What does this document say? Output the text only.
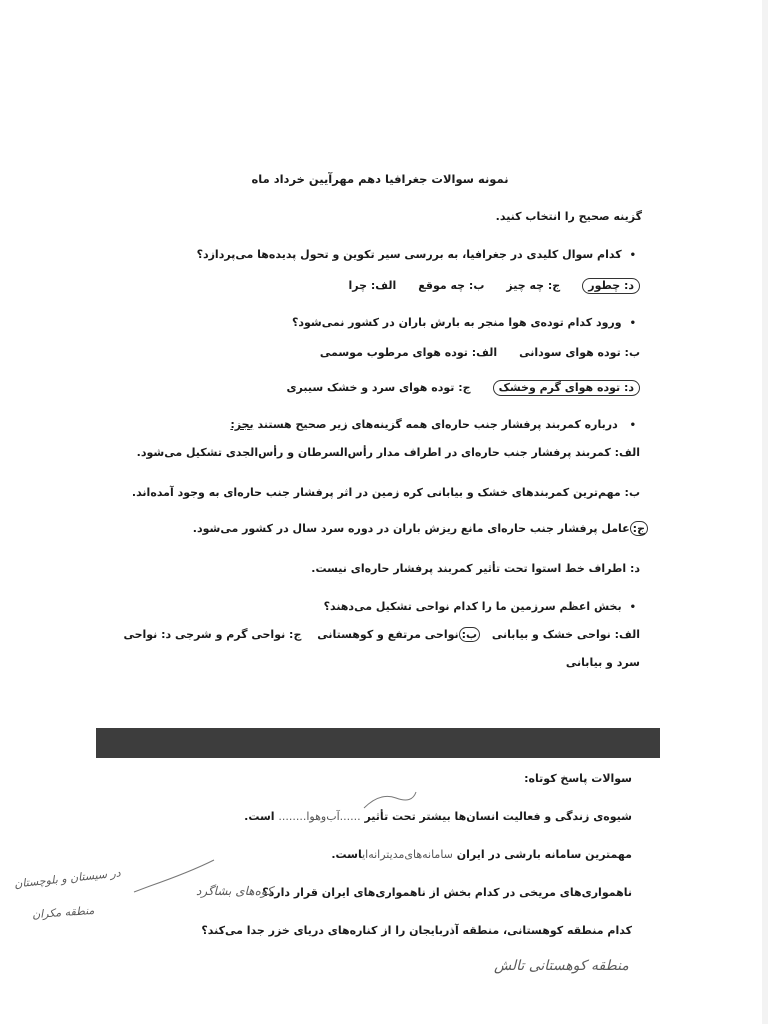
نمونه سوالات جغرافیا دهم مهرآیین خرداد ماه
گزینه صحیح را انتخاب کنید.
• کدام سوال کلیدی در جغرافیا، به بررسی سیر تکوین و تحول پدیده‌ها می‌پردازد؟
الف: چرا ب: چه موقع ج: چه چیز	د: چطور
• ورود کدام توده‌ی هوا منجر به بارش باران در کشور نمی‌شود؟
الف: توده هوای مرطوب موسمی ب: توده هوای سودانی
ج: توده هوای سرد و خشک سیبری	د: توده هوای گرم وخشک
• درباره کمربند پرفشار جنب حاره‌ای همه گزینه‌های زیر صحیح هستند بجز:
الف: کمربند پرفشار جنب حاره‌ای در اطراف مدار رأس‌السرطان و رأس‌الجدی تشکیل می‌شود.
ب: مهم‌ترین کمربندهای خشک و بیابانی کره زمین در اثر پرفشار جنب حاره‌ای به وجود آمده‌اند.
ج:عامل پرفشار جنب حاره‌ای مانع ریزش باران در دوره سرد سال در کشور می‌شود.
د: اطراف خط استوا تحت تأثیر کمربند پرفشار حاره‌ای نیست.
• بخش اعظم سرزمین ما را کدام نواحی تشکیل می‌دهند؟
الف: نواحی خشک و بیابانی ب:نواحی مرتفع و کوهستانی ج: نواحی گرم و شرجی د: نواحی
سرد و بیابانی
سوالات پاسخ کوتاه:
شیوه‌ی زندگی و فعالیت انسان‌ها بیشتر تحت تأثیر ......آب‌و‌هوا........ است.
مهمترین سامانه بارشی در ایران سامانه‌ها‌ی‌مدیترانه‌ایاست.
ناهمواری‌های مریخی در کدام بخش از ناهمواری‌های ایران قرار دارد؟
کدام منطقه کوهستانی، منطقه آذربایجان را از کناره‌های دریای خزر جدا می‌کند؟
کوه‌های بشاگرد
در سیستان و بلوچستان
منطقه مکران
منطقه کوهستانی تالش
